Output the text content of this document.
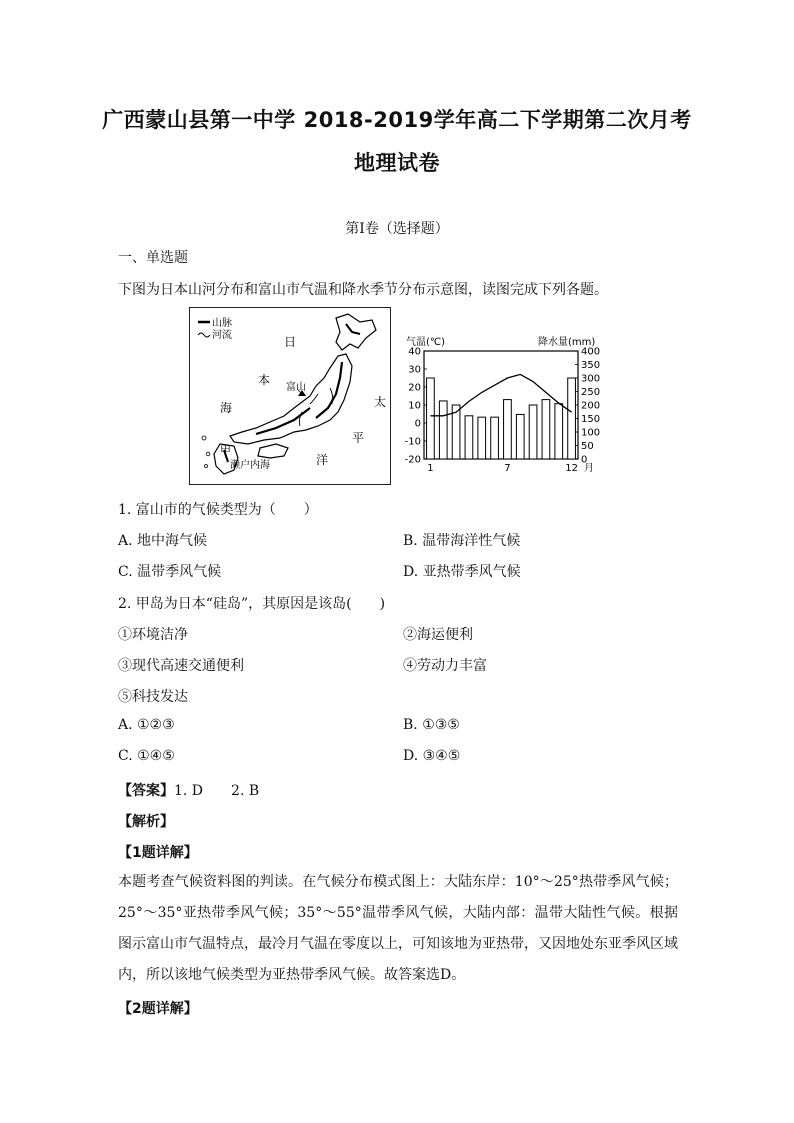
广西蒙山县第一中学 2018-2019学年高二下学期第二次月考
地理试卷
第I卷（选择题）
一、单选题
下图为日本山河分布和富山市气温和降水季节分布示意图，读图完成下列各题。
山脉
河流	日
本
海
富山
太
平
洋
甲
濑户内海
气温(℃)	降水量(mm)
40
30
20
10
0
-10
-20
400
350
300
250
200
150
100
50
0
1	7	12 月
1. 富山市的气候类型为（　　）
A. 地中海气候	B. 温带海洋性气候
C. 温带季风气候	D. 亚热带季风气候
2. 甲岛为日本“硅岛”，其原因是该岛(　　)
①环境洁净	②海运便利
③现代高速交通便利	④劳动力丰富
⑤科技发达
A. ①②③	B. ①③⑤
C. ①④⑤	D. ③④⑤
【答案】1. D　　2. B
【解析】
【1题详解】
本题考查气候资料图的判读。在气候分布模式图上：大陆东岸：10°～25°热带季风气候；25°～35°亚热带季风气候；35°～55°温带季风气候，大陆内部：温带大陆性气候。根据图示富山市气温特点，最冷月气温在零度以上，可知该地为亚热带，又因地处东亚季风区域内，所以该地气候类型为亚热带季风气候。故答案选D。
【2题详解】
